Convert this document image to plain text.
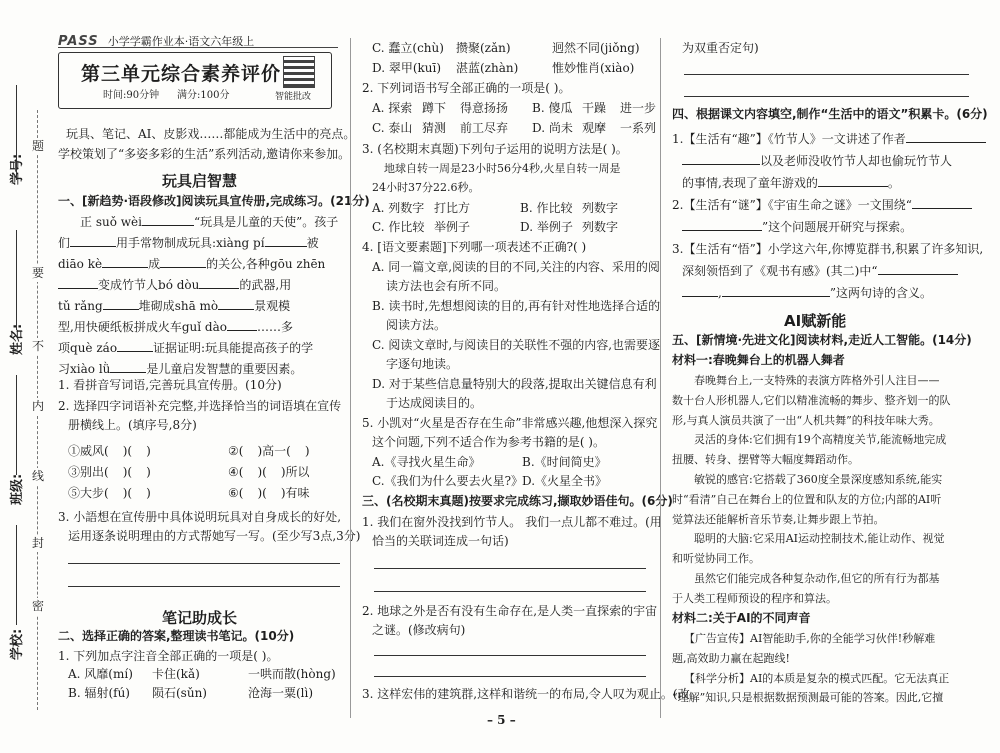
题
要
不
内
线
封
密
学号:
姓名:
班级:
学校:
PASS 小学学霸作业本·语文六年级上
第三单元综合素养评价
时间:90分钟 满分:100分	智能批改

玩具、笔记、AI、皮影戏……都能成为生活中的亮点。

学校策划了“多姿多彩的生活”系列活动,邀请你来参加。

玩具启智慧

一、[新趋势·语段修改]阅读玩具宣传册,完成练习。(21分)

正 suǒ wèi	“玩具是儿童的天使”。孩子
们	用手常物制成玩具:xiàng pí	被
diāo kè	成	的关公,各种gōu zhēn
变成竹节人bó dòu	的武器,用
tǔ rǎng	堆砌成shā mò	景观模
型,用快硬纸板拼成火车guǐ dào	……多
项què záo	证据证明:玩具能提高孩子的学
习xiào lǜ	是儿童启发智慧的重要因素。

1. 看拼音写词语,完善玩具宣传册。(10分)

2. 选择四字词语补充完整,并选择恰当的词语填在宣传

册横线上。(填序号,8分)

①威风( )( )	②( )高一( )
③别出( )( )	④( )( )所以
⑤大步( )( )	⑥( )( )有味

3. 小語想在宣传册中具体说明玩具对自身成长的好处,

运用逐条说明理由的方式帮她写一写。(至少写3点,3分)

笔记助成长

二、选择正确的答案,整理读书笔记。(10分)

1. 下列加点字注音全部正确的一项是( )。

A. 风靡(mí) 卡住(kǎ)	一哄而散(hòng)
B. 辐射(fú) 陨石(sǔn)	沧海一粟(lì)
C. 蠢立(chù) 攒聚(zǎn)	迥然不同(jiǒng)
D. 翠甲(kuī) 湛蓝(zhàn)	惟妙惟肖(xiào)

2. 下列词语书写全部正确的一项是( )。

A. 探索 蹲下 得意扬扬 B. 傻瓜 干躁 进一步
C. 泰山 猜测 前工尽弃 D. 尚未 观摩 一系列

3. (名校期末真题)下列句子运用的说明方法是( )。

地球自转一周是23小时56分4秒,火星自转一周是

24小时37分22.6秒。

A. 列数字 打比方	B. 作比较 列数字
C. 作比较 举例子	D. 举例子 列数字

4. [语文要素题]下列哪一项表述不正确?( )

A. 同一篇文章,阅读的目的不同,关注的内容、采用的阅

读方法也会有所不同。

B. 读书时,先想想阅读的目的,再有针对性地选择合适的

阅读方法。

C. 阅读文章时,与阅读目的关联性不强的内容,也需要逐

字逐句地读。

D. 对于某些信息量特别大的段落,提取出关键信息有利

于达成阅读目的。

5. 小凯对“火星是否存在生命”非常感兴趣,他想深入探究

这个问题,下列不适合作为参考书籍的是( )。

A.《寻找火星生命》	B.《时间简史》
C.《我们为什么要去火星?》D.《火星全书》

三、(名校期末真题)按要求完成练习,撷取妙语佳句。(6分)

1. 我们在窗外没找到竹节人。 我们一点儿都不难过。(用

恰当的关联词连成一句话)

2. 地球之外是否有没有生命存在,是人类一直探索的宇宙

之谜。(修改病句)

3. 这样宏伟的建筑群,这样和谐统一的布局,令人叹为观止。(改

为双重否定句)

四、根据课文内容填空,制作“生活中的语文”积累卡。(6分)

1.【生活有“趣”】《竹节人》一文讲述了作者
以及老师没收竹节人却也偷玩竹节人
的事情,表现了童年游戏的	。
2.【生活有“谜”】《宇宙生命之谜》一文围绕“
”这个问题展开研究与探索。
3.【生活有“悟”】小学这六年,你博览群书,积累了许多知识,
深刻领悟到了《观书有感》(其二)中“
,	”这两句诗的含义。
AI赋新能

五、[新情境·先进文化]阅读材料,走近人工智能。(14分)

材料一:春晚舞台上的机器人舞者

春晚舞台上,一支特殊的表演方阵格外引人注目——
数十台人形机器人,它们以精准流畅的舞步、整齐划一的队
形,与真人演员共演了一出“人机共舞”的科技年味大秀。
灵活的身体:它们拥有19个高精度关节,能流畅地完成
扭腰、转身、摆臂等大幅度舞蹈动作。
敏锐的感官:它搭载了360度全景深度感知系统,能实
时“看清”自己在舞台上的位置和队友的方位;内部的AI听
觉算法还能解析音乐节奏,让舞步跟上节拍。
聪明的大脑:它采用AI运动控制技术,能让动作、视觉
和听觉协同工作。
虽然它们能完成各种复杂动作,但它的所有行为都基
于人类工程师预设的程序和算法。

材料二:关于AI的不同声音

【广告宣传】AI智能助手,你的全能学习伙伴!秒解难
题,高效助力赢在起跑线!
【科学分析】AI的本质是复杂的模式匹配。它无法真正
“理解”知识,只是根据数据预测最可能的答案。因此,它擅
– 5 –
